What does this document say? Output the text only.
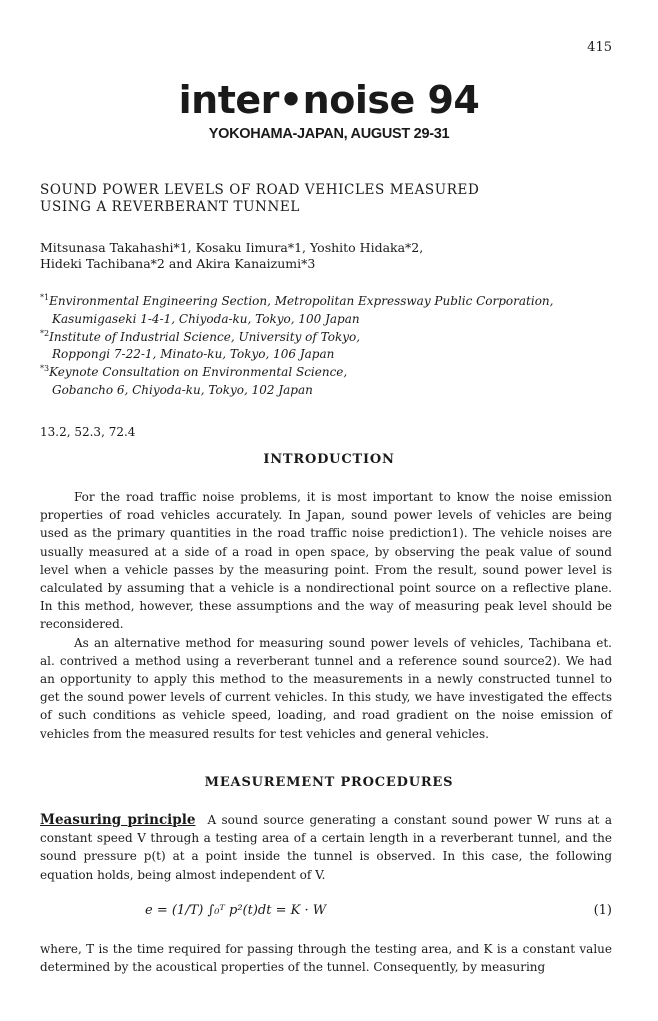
415
inter•noise 94
YOKOHAMA-JAPAN, AUGUST 29-31
SOUND POWER LEVELS OF ROAD VEHICLES MEASURED
USING A REVERBERANT TUNNEL
Mitsunasa Takahashi*1, Kosaku Iimura*1, Yoshito Hidaka*2,
Hideki Tachibana*2 and Akira Kanaizumi*3
$^{*1}$Environmental Engineering Section, Metropolitan Expressway Public Corporation,
Kasumigaseki 1-4-1, Chiyoda-ku, Tokyo, 100 Japan
$^{*2}$Institute of Industrial Science, University of Tokyo,
Roppongi 7-22-1, Minato-ku, Tokyo, 106 Japan
$^{*3}$Keynote Consultation on Environmental Science,
Gobancho 6, Chiyoda-ku, Tokyo, 102 Japan
13.2, 52.3, 72.4
INTRODUCTION

For the road traffic noise problems, it is most important to know the noise emission properties of road vehicles accurately. In Japan, sound power levels of vehicles are being used as the primary quantities in the road traffic noise prediction1). The vehicle noises are usually measured at a side of a road in open space, by observing the peak value of sound level when a vehicle passes by the measuring point. From the result, sound power level is calculated by assuming that a vehicle is a nondirectional point source on a reflective plane. In this method, however, these assumptions and the way of measuring peak level should be reconsidered.

As an alternative method for measuring sound power levels of vehicles, Tachibana et. al. contrived a method using a reverberant tunnel and a reference sound source2). We had an opportunity to apply this method to the measurements in a newly constructed tunnel to get the sound power levels of current vehicles. In this study, we have investigated the effects of such conditions as vehicle speed, loading, and road gradient on the noise emission of vehicles from the measured results for test vehicles and general vehicles.

MEASUREMENT PROCEDURES
Measuring principle A sound source generating a constant sound power W runs at a constant speed V through a testing area of a certain length in a reverberant tunnel, and the sound pressure p(t) at a point inside the tunnel is observed. In this case, the following equation holds, being almost independent of V.
e = (1/T) ∫₀ᵀ p²(t)dt = K · W	(1)
where, T is the time required for passing through the testing area, and K is a constant value determined by the acoustical properties of the tunnel. Consequently, by measuring
